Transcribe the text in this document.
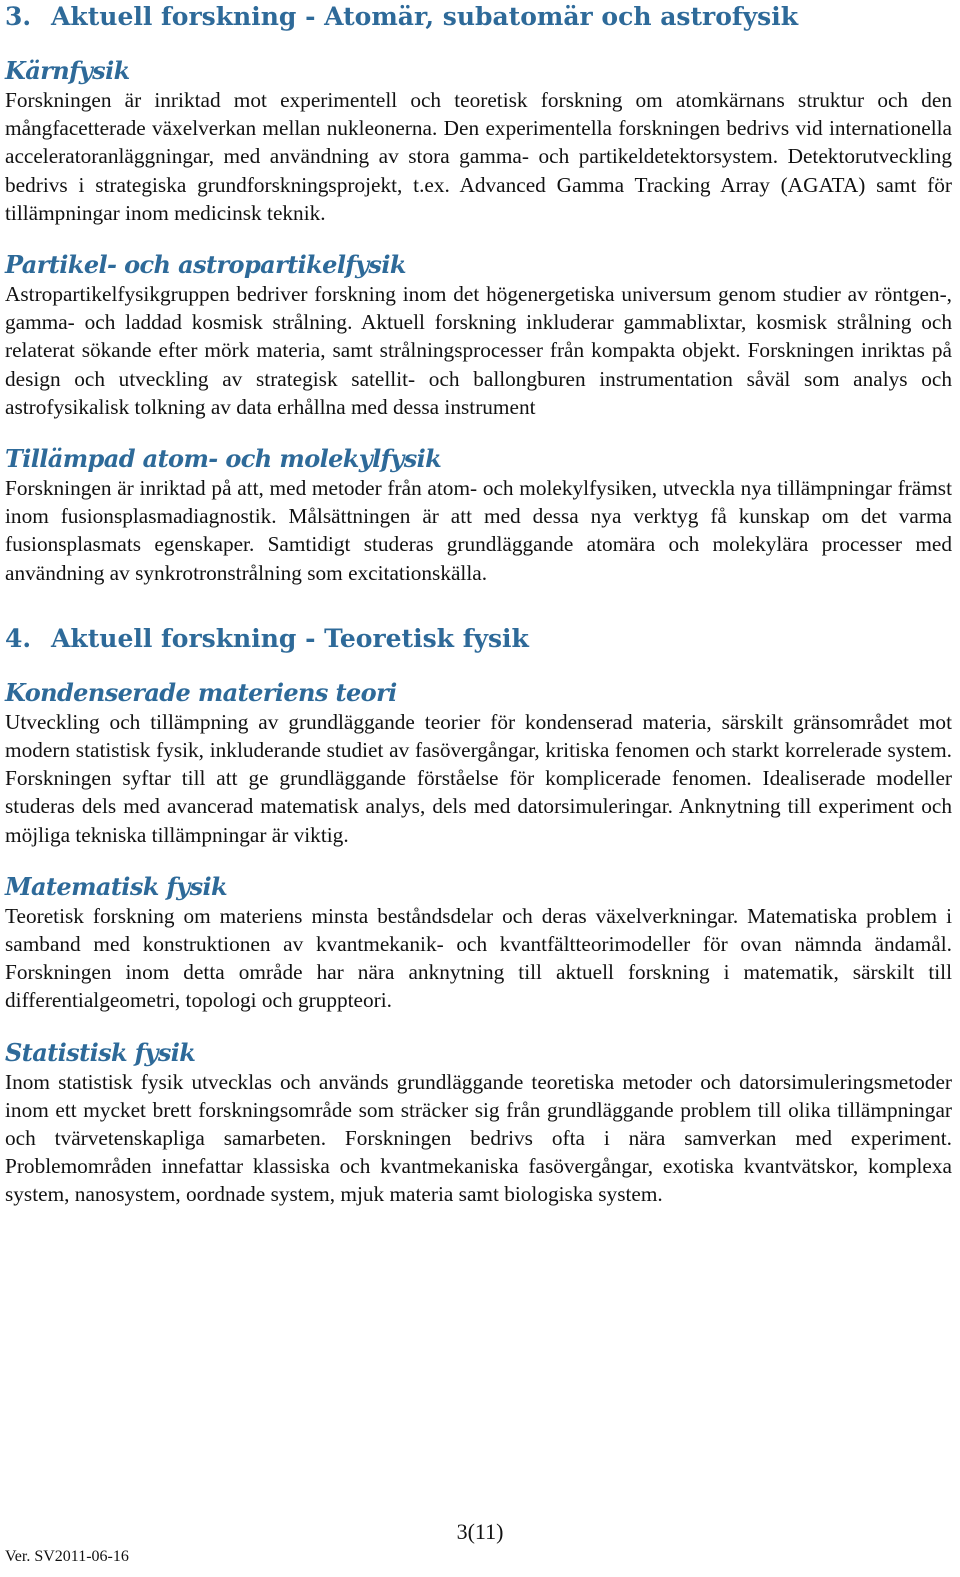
3. Aktuell forskning - Atomär, subatomär och astrofysik
Kärnfysik

Forskningen är inriktad mot experimentell och teoretisk forskning om atomkärnans struktur och den mångfacetterade växelverkan mellan nukleonerna. Den experimentella forskningen bedrivs vid internationella acceleratoranläggningar, med användning av stora gamma- och partikeldetektorsystem. Detektorutveckling bedrivs i strategiska grundforskningsprojekt, t.ex. Advanced Gamma Tracking Array (AGATA) samt för tillämpningar inom medicinsk teknik.

Partikel- och astropartikelfysik

Astropartikelfysikgruppen bedriver forskning inom det högenergetiska universum genom studier av röntgen-, gamma- och laddad kosmisk strålning. Aktuell forskning inkluderar gammablixtar, kosmisk strålning och relaterat sökande efter mörk materia, samt strålningsprocesser från kompakta objekt. Forskningen inriktas på design och utveckling av strategisk satellit- och ballongburen instrumentation såväl som analys och astrofysikalisk tolkning av data erhållna med dessa instrument

Tillämpad atom- och molekylfysik

Forskningen är inriktad på att, med metoder från atom- och molekylfysiken, utveckla nya tillämpningar främst inom fusionsplasmadiagnostik. Målsättningen är att med dessa nya verktyg få kunskap om det varma fusionsplasmats egenskaper. Samtidigt studeras grundläggande atomära och molekylära processer med användning av synkrotronstrålning som excitationskälla.

4. Aktuell forskning - Teoretisk fysik
Kondenserade materiens teori

Utveckling och tillämpning av grundläggande teorier för kondenserad materia, särskilt gränsområdet mot modern statistisk fysik, inkluderande studiet av fasövergångar, kritiska fenomen och starkt korrelerade system. Forskningen syftar till att ge grundläggande förståelse för komplicerade fenomen. Idealiserade modeller studeras dels med avancerad matematisk analys, dels med datorsimuleringar. Anknytning till experiment och möjliga tekniska tillämpningar är viktig.

Matematisk fysik

Teoretisk forskning om materiens minsta beståndsdelar och deras växelverkningar. Matematiska problem i samband med konstruktionen av kvantmekanik- och kvantfältteorimodeller för ovan nämnda ändamål. Forskningen inom detta område har nära anknytning till aktuell forskning i matematik, särskilt till differentialgeometri, topologi och gruppteori.

Statistisk fysik

Inom statistisk fysik utvecklas och används grundläggande teoretiska metoder och datorsimuleringsmetoder inom ett mycket brett forskningsområde som sträcker sig från grundläggande problem till olika tillämpningar och tvärvetenskapliga samarbeten. Forskningen bedrivs ofta i nära samverkan med experiment. Problemområden innefattar klassiska och kvantmekaniska fasövergångar, exotiska kvantvätskor, komplexa system, nanosystem, oordnade system, mjuk materia samt biologiska system.

3(11)
Ver. SV2011-06-16
